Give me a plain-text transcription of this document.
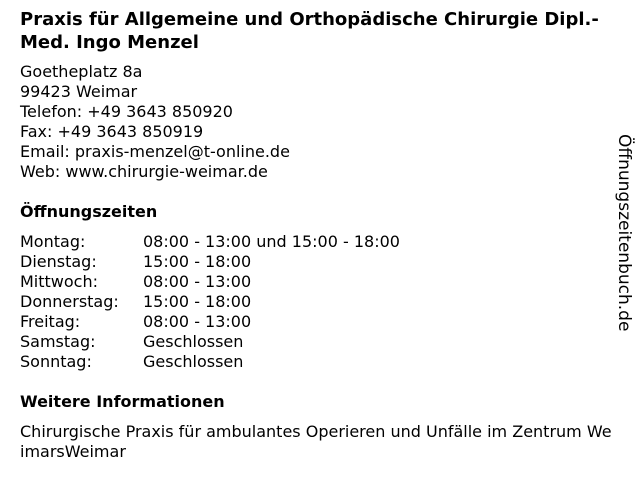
Praxis für Allgemeine und Orthopädische Chirurgie Dipl.-Med. Ingo Menzel
Goetheplatz 8a
99423 Weimar
Telefon: +49 3643 850920
Fax: +49 3643 850919
Email: praxis-menzel@t-online.de
Web: www.chirurgie-weimar.de
Öffnungszeiten
Montag:	08:00 - 13:00 und 15:00 - 18:00
Dienstag:	15:00 - 18:00
Mittwoch:	08:00 - 13:00
Donnerstag:	15:00 - 18:00
Freitag:	08:00 - 13:00
Samstag:	Geschlossen
Sonntag:	Geschlossen
Weitere Informationen
Chirurgische Praxis für ambulantes Operieren und Unfälle im Zentrum WeimarsWeimar
Öffnungszeitenbuch.de
